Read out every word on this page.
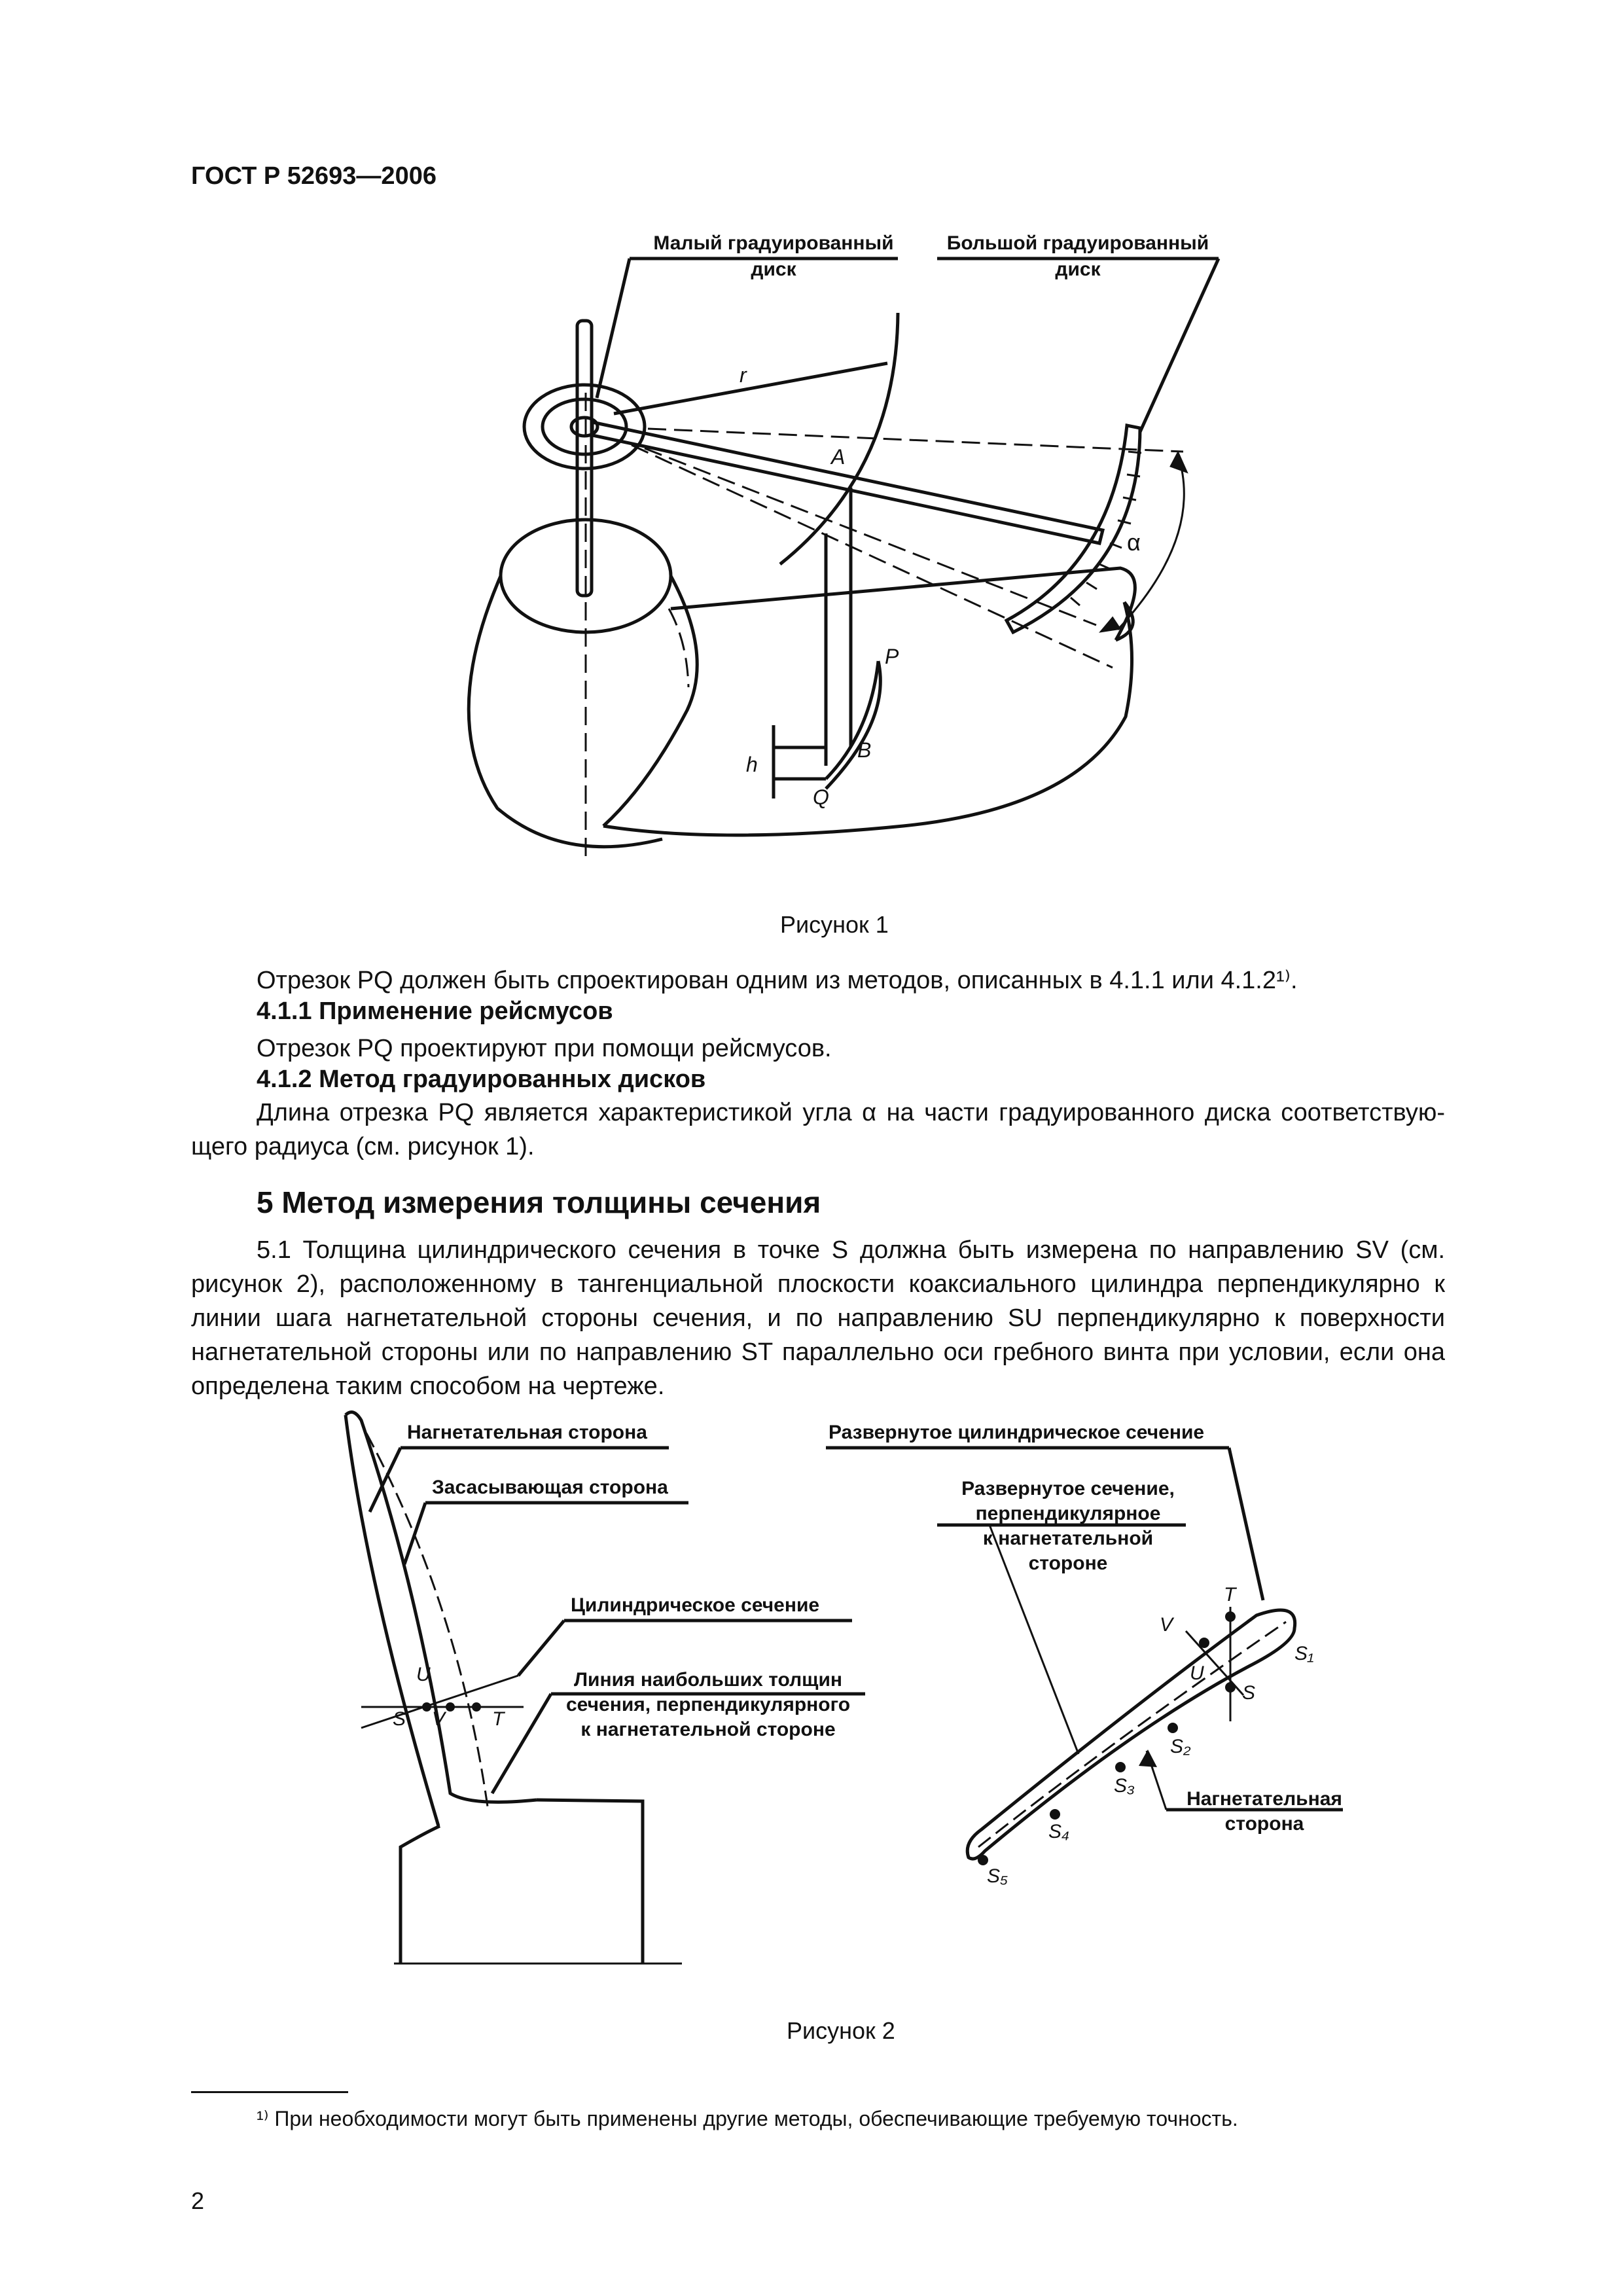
ГОСТ Р 52693—2006
Малый градуированный
диск
Большой градуированный
диск
r
A
α
P
B
h
Q
Рисунок 1
Отрезок PQ должен быть спроектирован одним из методов, описанных в 4.1.1 или 4.1.2¹⁾.
4.1.1 Применение рейсмусов
Отрезок PQ проектируют при помощи рейсмусов.
4.1.2 Метод градуированных дисков
Длина отрезка PQ является характеристикой угла α на части градуированного диска соответствую-щего радиуса (см. рисунок 1).
5 Метод измерения толщины сечения
5.1 Толщина цилиндрического сечения в точке S должна быть измерена по направлению SV (см. рисунок 2), расположенному в тангенциальной плоскости коаксиального цилиндра перпендикулярно к линии шага нагнетательной стороны сечения, и по направлению SU перпендикулярно к поверхности нагнетательной стороны или по направлению ST параллельно оси гребного винта при условии, если она определена таким способом на чертеже.
Нагнетательная сторона
Засасывающая сторона
Цилиндрическое сечение
Линия наибольших толщин
сечения, перпендикулярного
к нагнетательной стороне
Развернутое цилиндрическое сечение
Развернутое сечение,
перпендикулярное
к нагнетательной
стороне
Нагнетательная
сторона
U
S V T
T
V
U
S
S₁
S₂
S₃
S₄
S₅
Рисунок 2
¹⁾ При необходимости могут быть применены другие методы, обеспечивающие требуемую точность.
2
